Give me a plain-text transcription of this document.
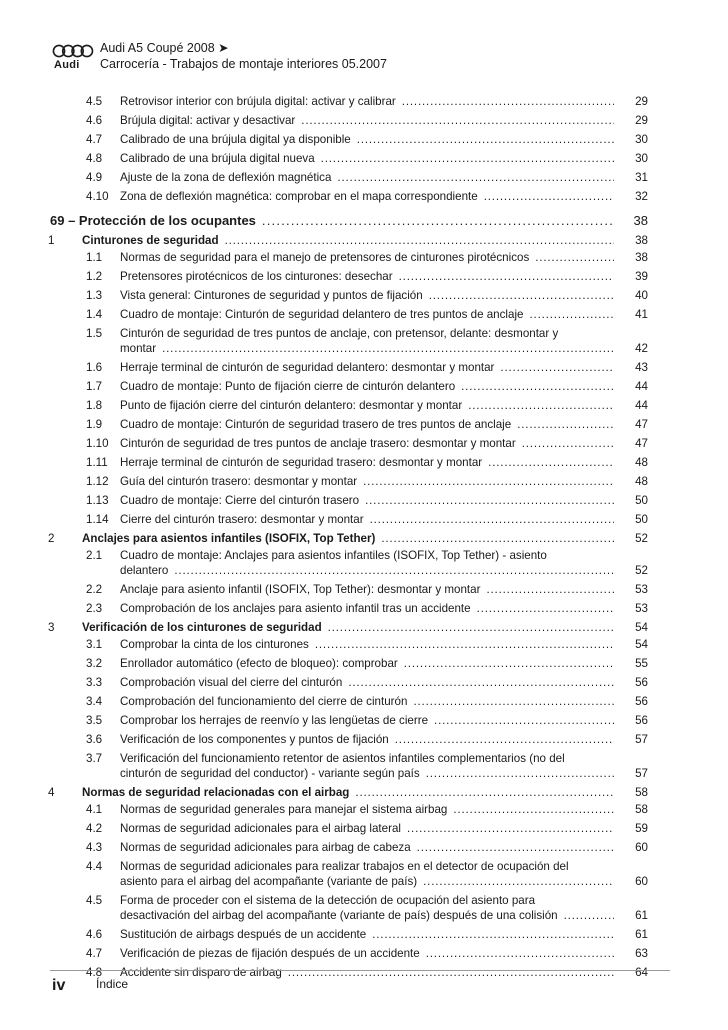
Audi
Audi A5 Coupé 2008 ➤
Carrocería - Trabajos de montaje interiores 05.2007
4.5	Retrovisor interior con brújula digital: activar y calibrar . . .	29
4.6	Brújula digital: activar y desactivar . . .	29
4.7	Calibrado de una brújula digital ya disponible . . .	30
4.8	Calibrado de una brújula digital nueva . . .	30
4.9	Ajuste de la zona de deflexión magnética . . .	31
4.10 Zona de deflexión magnética: comprobar en el mapa correspondiente . . .	32
69 – Protección de los ocupantes . . .	38
1	Cinturones de seguridad . . .	38
1.1	Normas de seguridad para el manejo de pretensores de cinturones pirotécnicos . . .	38
1.2	Pretensores pirotécnicos de los cinturones: desechar . . .	39
1.3	Vista general: Cinturones de seguridad y puntos de fijación . . .	40
1.4	Cuadro de montaje: Cinturón de seguridad delantero de tres puntos de anclaje . . .	41
1.5	Cinturón de seguridad de tres puntos de anclaje, con pretensor, delante: desmontar y
montar . . .	42
1.6	Herraje terminal de cinturón de seguridad delantero: desmontar y montar . . .	43
1.7	Cuadro de montaje: Punto de fijación cierre de cinturón delantero . . .	44
1.8	Punto de fijación cierre del cinturón delantero: desmontar y montar . . .	44
1.9	Cuadro de montaje: Cinturón de seguridad trasero de tres puntos de anclaje . . .	47
1.10 Cinturón de seguridad de tres puntos de anclaje trasero: desmontar y montar . . .	47
1.11	Herraje terminal de cinturón de seguridad trasero: desmontar y montar . . .	48
1.12 Guía del cinturón trasero: desmontar y montar . . .	48
1.13 Cuadro de montaje: Cierre del cinturón trasero . . .	50
1.14 Cierre del cinturón trasero: desmontar y montar . . .	50
2	Anclajes para asientos infantiles (ISOFIX, Top Tether) . . .	52
2.1	Cuadro de montaje: Anclajes para asientos infantiles (ISOFIX, Top Tether) - asiento
delantero . . .	52
2.2	Anclaje para asiento infantil (ISOFIX, Top Tether): desmontar y montar . . .	53
2.3	Comprobación de los anclajes para asiento infantil tras un accidente . . .	53
3	Verificación de los cinturones de seguridad . . .	54
3.1	Comprobar la cinta de los cinturones . . .	54
3.2	Enrollador automático (efecto de bloqueo): comprobar . . .	55
3.3	Comprobación visual del cierre del cinturón . . .	56
3.4	Comprobación del funcionamiento del cierre de cinturón . . .	56
3.5	Comprobar los herrajes de reenvío y las lengüetas de cierre . . .	56
3.6	Verificación de los componentes y puntos de fijación . . .	57
3.7	Verificación del funcionamiento retentor de asientos infantiles complementarios (no del
cinturón de seguridad del conductor) - variante según país . . .	57
4	Normas de seguridad relacionadas con el airbag . . .	58
4.1	Normas de seguridad generales para manejar el sistema airbag . . .	58
4.2	Normas de seguridad adicionales para el airbag lateral . . .	59
4.3	Normas de seguridad adicionales para airbag de cabeza . . .	60
4.4	Normas de seguridad adicionales para realizar trabajos en el detector de ocupación del
asiento para el airbag del acompañante (variante de país) . . .	60
4.5	Forma de proceder con el sistema de la detección de ocupación del asiento para
desactivación del airbag del acompañante (variante de país) después de una colisión . . .	61
4.6	Sustitución de airbags después de un accidente . . .	61
4.7	Verificación de piezas de fijación después de un accidente . . .	63
4.8	Accidente sin disparo de airbag . . .	64
iv	Índice
